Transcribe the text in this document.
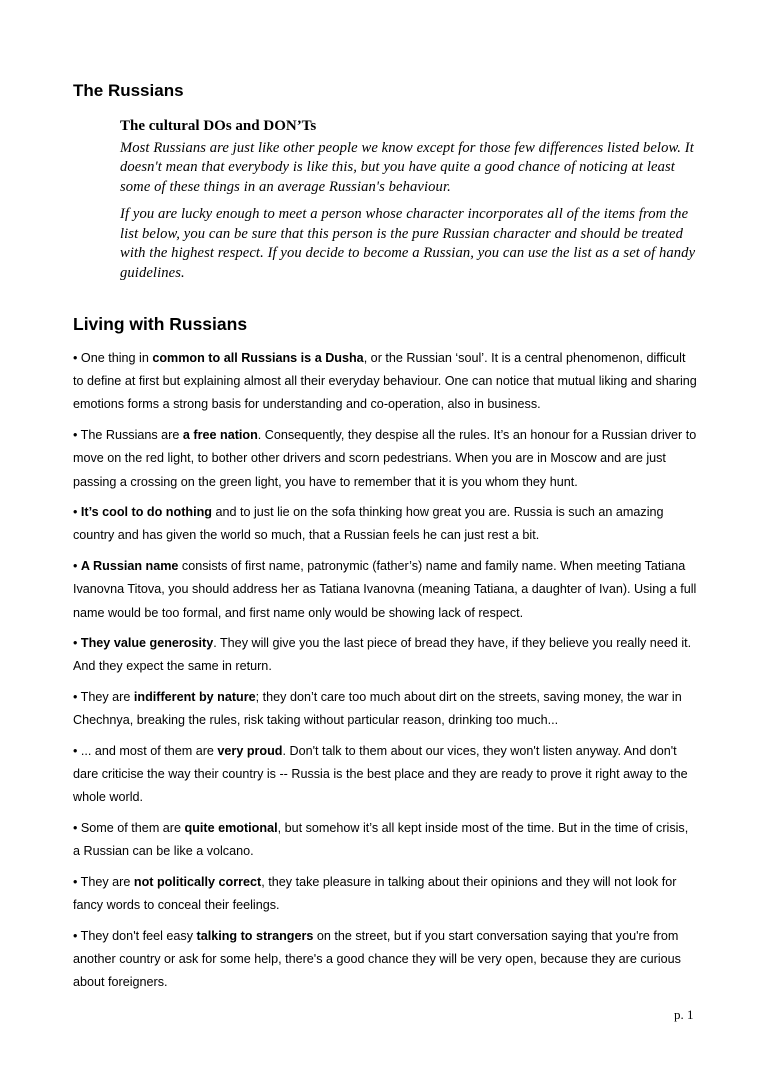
The Russians
The cultural DOs and DON’Ts

Most Russians are just like other people we know except for those few differences listed below. It doesn't mean that everybody is like this, but you have quite a good chance of noticing at least some of these things in an average Russian's behaviour.

If you are lucky enough to meet a person whose character incorporates all of the items from the list below, you can be sure that this person is the pure Russian character and should be treated with the highest respect. If you decide to become a Russian, you can use the list as a set of handy guidelines.

Living with Russians

• One thing in common to all Russians is a Dusha, or the Russian ‘soul’. It is a central phenomenon, difficult to define at first but explaining almost all their everyday behaviour. One can notice that mutual liking and sharing emotions forms a strong basis for understanding and co-operation, also in business.

• The Russians are a free nation. Consequently, they despise all the rules. It’s an honour for a Russian driver to move on the red light, to bother other drivers and scorn pedestrians. When you are in Moscow and are just passing a crossing on the green light, you have to remember that it is you whom they hunt.

• It’s cool to do nothing and to just lie on the sofa thinking how great you are. Russia is such an amazing country and has given the world so much, that a Russian feels he can just rest a bit.

• A Russian name consists of first name, patronymic (father’s) name and family name. When meeting Tatiana Ivanovna Titova, you should address her as Tatiana Ivanovna (meaning Tatiana, a daughter of Ivan). Using a full name would be too formal, and first name only would be showing lack of respect.

• They value generosity. They will give you the last piece of bread they have, if they believe you really need it. And they expect the same in return.

• They are indifferent by nature; they don’t care too much about dirt on the streets, saving money, the war in Chechnya, breaking the rules, risk taking without particular reason, drinking too much...

• ... and most of them are very proud. Don't talk to them about our vices, they won't listen anyway. And don't dare criticise the way their country is -- Russia is the best place and they are ready to prove it right away to the whole world.

• Some of them are quite emotional, but somehow it’s all kept inside most of the time. But in the time of crisis, a Russian can be like a volcano.

• They are not politically correct, they take pleasure in talking about their opinions and they will not look for fancy words to conceal their feelings.

• They don't feel easy talking to strangers on the street, but if you start conversation saying that you're from another country or ask for some help, there's a good chance they will be very open, because they are curious about foreigners.

p. 1
